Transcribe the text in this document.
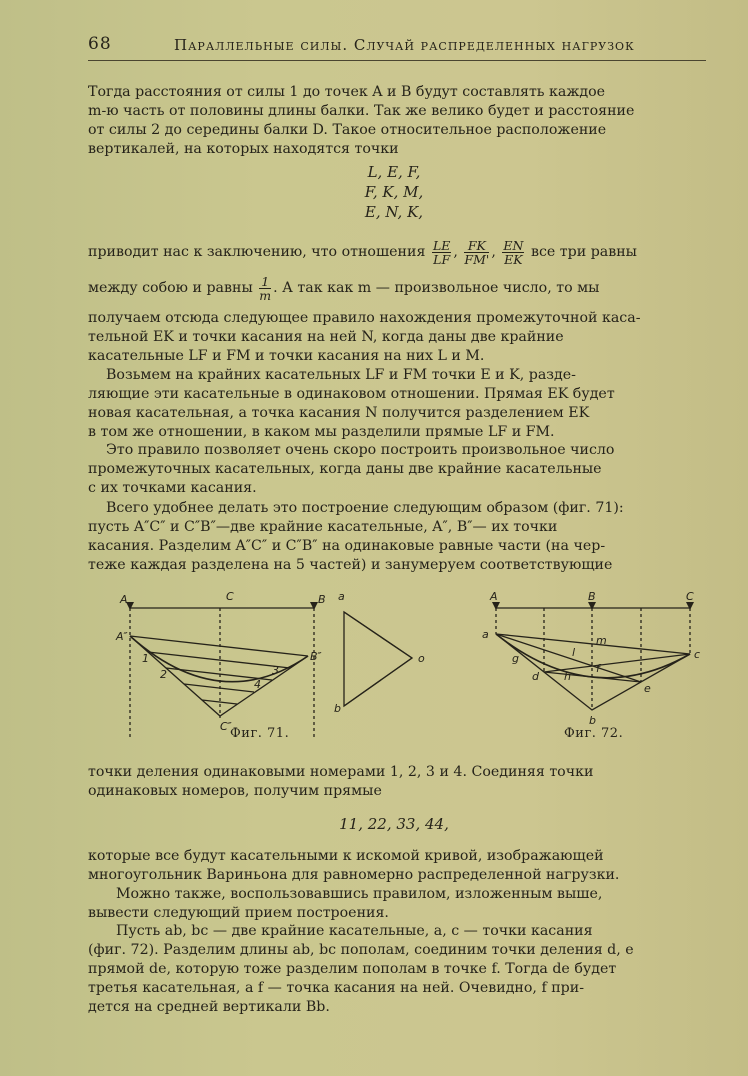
68	Параллельные силы. Случай распределенных нагрузок
Тогда расстояния от силы 1 до точек A и B будут составлять каждое
m-ю часть от половины длины балки. Так же велико будет и расстояние
от силы 2 до середины балки D. Такое относительное расположение
вертикалей, на которых находятся точки
L, E, F,
F, K, M,
E, N, K,
приводит нас к заключению, что отношения $\frac{LE}{LF}$ , $\frac{FK}{FM'}$ , $\frac{EN}{EK}$ все три равны
между собою и равны $\frac{1}{m}$ . А так как m — произвольное число, то мы
получаем отсюда следующее правило нахождения промежуточной каса-
тельной EK и точки касания на ней N, когда даны две крайние
касательные LF и FM и точки касания на них L и M.
Возьмем на крайних касательных LF и FM точки E и K, разде-
ляющие эти касательные в одинаковом отношении. Прямая EK будет
новая касательная, а точка касания N получится разделением EK
в том же отношении, в каком мы разделили прямые LF и FM.
Это правило позволяет очень скоро построить произвольное число
промежуточных касательных, когда даны две крайние касательные
с их точками касания.
Всего удобнее делать это построение следующим образом (фиг. 71):
пусть A″C″ и C″B″—две крайние касательные, A″, B″— их точки
касания. Разделим A″C″ и C″B″ на одинаковые равные части (на чер-
теже каждая разделена на 5 частей) и занумеруем соответствующие
A	C	B
A″
B″
C″
1
2	3
4
a
b
o
Фиг. 71.
A	B	C
a
c
b
m
l
g
d h
f
e
Фиг. 72.
точки деления одинаковыми номерами 1, 2, 3 и 4. Соединяя точки
одинаковых номеров, получим прямые
11, 22, 33, 44,
которые все будут касательными к искомой кривой, изображающей
многоугольник Вариньона для равномерно распределенной нагрузки.
Можно также, воспользовавшись правилом, изложенным выше,
вывести следующий прием построения.
Пусть ab, bc — две крайние касательные, a, c — точки касания
(фиг. 72). Разделим длины ab, bc пополам, соединим точки деления d, e
прямой de, которую тоже разделим пополам в точке f. Тогда de будет
третья касательная, а f — точка касания на ней. Очевидно, f при-
дется на средней вертикали Bb.
